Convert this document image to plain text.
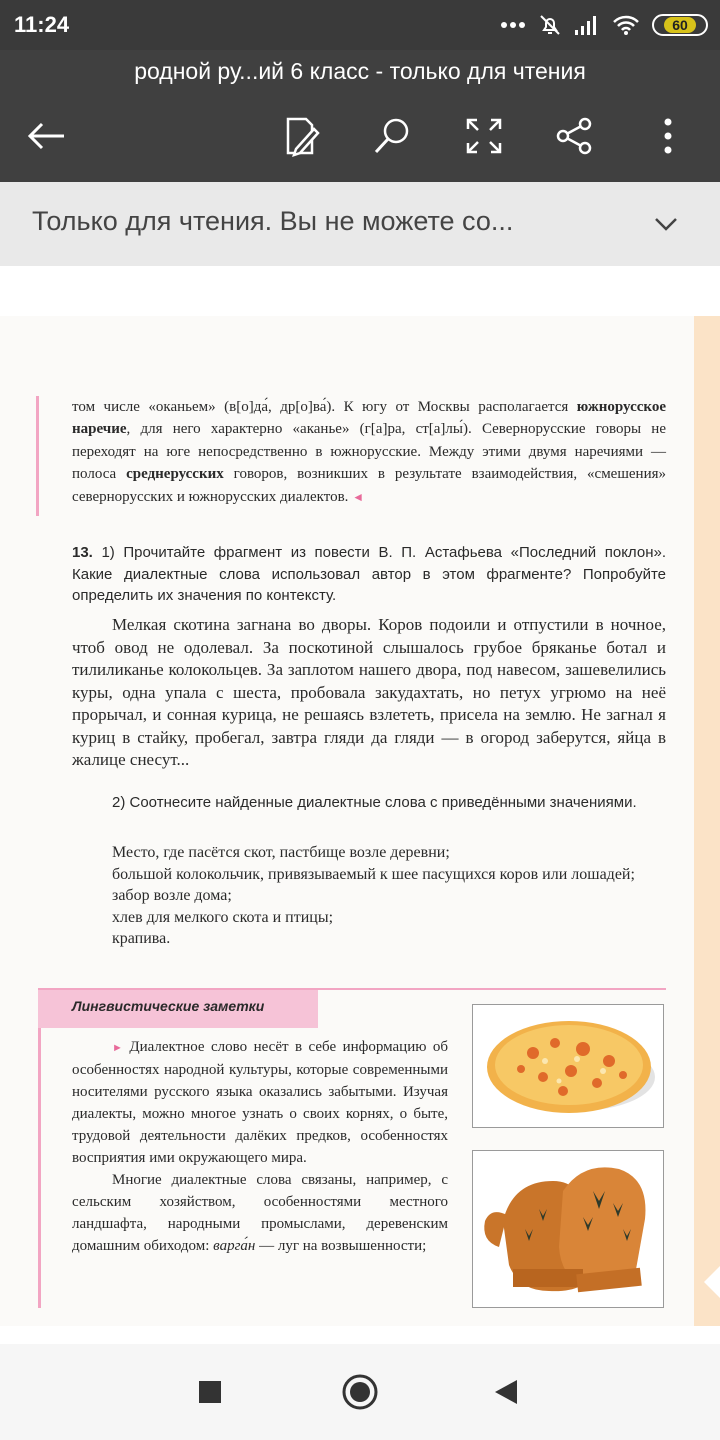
11:24	60
родной ру...ий 6 класс - только для чтения
Только для чтения. Вы не можете со...
том числе «оканьем» (в[о]да́, др[о]ва́). К югу от Москвы располагается южнорусское наречие, для него характерно «аканье» (г[а]ра, ст[а]лы́). Севернорусские говоры не переходят на юге непосредственно в южнорусские. Между этими двумя наречиями — полоса среднерусских говоров, возникших в результате взаимодействия, «смешения» севернорусских и южнорусских диалектов. ◄
13. 1) Прочитайте фрагмент из повести В. П. Астафьева «Последний поклон». Какие диалектные слова использовал автор в этом фрагменте? Попробуйте определить их значения по контексту.
Мелкая скотина загнана во дворы. Коров подоили и отпустили в ночное, чтоб овод не одолевал. За поскотиной слышалось грубое бряканье ботал и тилиликанье колокольцев. За заплотом нашего двора, под навесом, зашевелились куры, одна упала с шеста, пробовала закудахтать, но петух угрюмо на неё прорычал, и сонная курица, не решаясь взлететь, присела на землю. Не загнал я куриц в стайку, пробегал, завтра гляди да гляди — в огород заберутся, яйца в жалице снесут...
2) Соотнесите найденные диалектные слова с приведёнными значениями.
Место, где пасётся скот, пастбище возле деревни;
большой колокольчик, привязываемый к шее пасущихся коров или лошадей;
забор возле дома;
хлев для мелкого скота и птицы;
крапива.
Лингвистические заметки

► Диалектное слово несёт в себе информацию об особенностях народной культуры, которые современными носителями русского языка оказались забытыми. Изучая диалекты, можно многое узнать о своих корнях, о быте, трудовой деятельности далёких предков, особенностях восприятия ими окружающего мира.

Многие диалектные слова связаны, например, с сельским хозяйством, особенностями местного ландшафта, народными промыслами, деревенским домашним обиходом: варга́н — луг на возвышенности;
